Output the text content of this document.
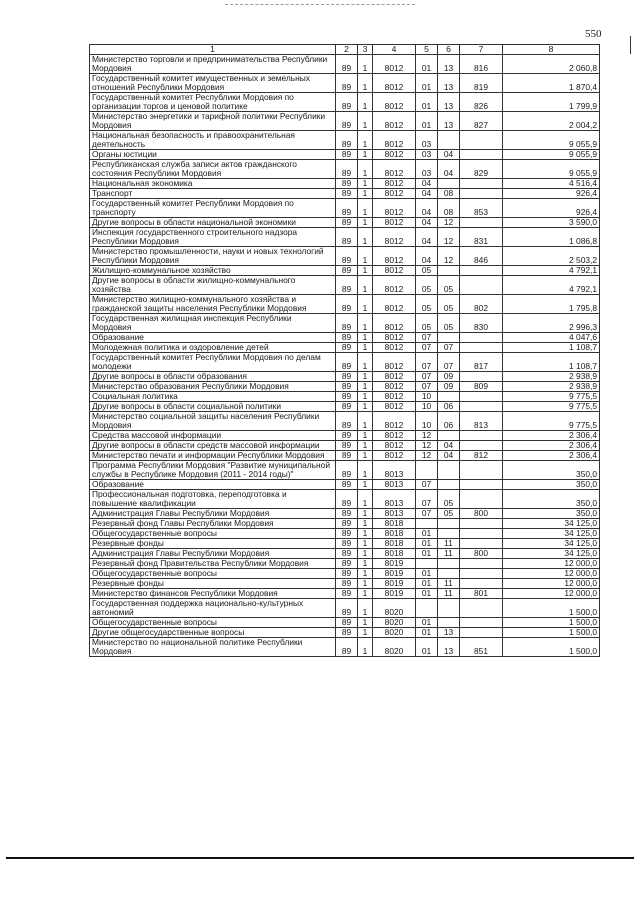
550
1	2	3	4	5	6	7	8
Министерство торговли и предпринимательства Республики Мордовия	89	1	8012	01	13	816	2 060,8
Государственный комитет имущественных и земельных отношений Республики Мордовия	89	1	8012	01	13	819	1 870,4
Государственный комитет Республики Мордовия по организации торгов и ценовой политике	89	1	8012	01	13	826	1 799,9
Министерство энергетики и тарифной политики Республики Мордовия	89	1	8012	01	13	827	2 004,2
Национальная безопасность и правоохранительная деятельность	89	1	8012	03			9 055,9
Органы юстиции	89	1	8012	03	04		9 055,9
Республиканская служба записи актов гражданского состояния Республики Мордовия	89	1	8012	03	04	829	9 055,9
Национальная экономика	89	1	8012	04			4 516,4
Транспорт	89	1	8012	04	08		926,4
Государственный комитет Республики Мордовия по транспорту	89	1	8012	04	08	853	926,4
Другие вопросы в области национальной экономики	89	1	8012	04	12		3 590,0
Инспекция государственного строительного надзора Республики Мордовия	89	1	8012	04	12	831	1 086,8
Министерство промышленности, науки и новых технологий Республики Мордовия	89	1	8012	04	12	846	2 503,2
Жилищно-коммунальное хозяйство	89	1	8012	05			4 792,1
Другие вопросы в области жилищно-коммунального хозяйства	89	1	8012	05	05		4 792,1
Министерство жилищно-коммунального хозяйства и гражданской защиты населения Республики Мордовия	89	1	8012	05	05	802	1 795,8
Государственная жилищная инспекция Республики Мордовия	89	1	8012	05	05	830	2 996,3
Образование	89	1	8012	07			4 047,6
Молодежная политика и оздоровление детей	89	1	8012	07	07		1 108,7
Государственный комитет Республики Мордовия по делам молодежи	89	1	8012	07	07	817	1 108,7
Другие вопросы в области образования	89	1	8012	07	09		2 938,9
Министерство образования Республики Мордовия	89	1	8012	07	09	809	2 938,9
Социальная политика	89	1	8012	10			9 775,5
Другие вопросы в области социальной политики	89	1	8012	10	06		9 775,5
Министерство социальной защиты населения Республики Мордовия	89	1	8012	10	06	813	9 775,5
Средства массовой информации	89	1	8012	12			2 306,4
Другие вопросы в области средств массовой информации	89	1	8012	12	04		2 306,4
Министерство печати и информации Республики Мордовия	89	1	8012	12	04	812	2 306,4
Программа Республики Мордовия "Развитие муниципальной службы в Республике Мордовия (2011 - 2014 годы)"	89	1	8013				350,0
Образование	89	1	8013	07			350,0
Профессиональная подготовка, переподготовка и повышение квалификации	89	1	8013	07	05		350,0
Администрация Главы Республики Мордовия	89	1	8013	07	05	800	350,0
Резервный фонд Главы Республики Мордовия	89	1	8018				34 125,0
Общегосударственные вопросы	89	1	8018	01			34 125,0
Резервные фонды	89	1	8018	01	11		34 125,0
Администрация Главы Республики Мордовия	89	1	8018	01	11	800	34 125,0
Резервный фонд Правительства Республики Мордовия	89	1	8019				12 000,0
Общегосударственные вопросы	89	1	8019	01			12 000,0
Резервные фонды	89	1	8019	01	11		12 000,0
Министерство финансов Республики Мордовия	89	1	8019	01	11	801	12 000,0
Государственная поддержка национально-культурных автономий	89	1	8020				1 500,0
Общегосударственные вопросы	89	1	8020	01			1 500,0
Другие общегосударственные вопросы	89	1	8020	01	13		1 500,0
Министерство по национальной политике Республики Мордовия	89	1	8020	01	13	851	1 500,0
